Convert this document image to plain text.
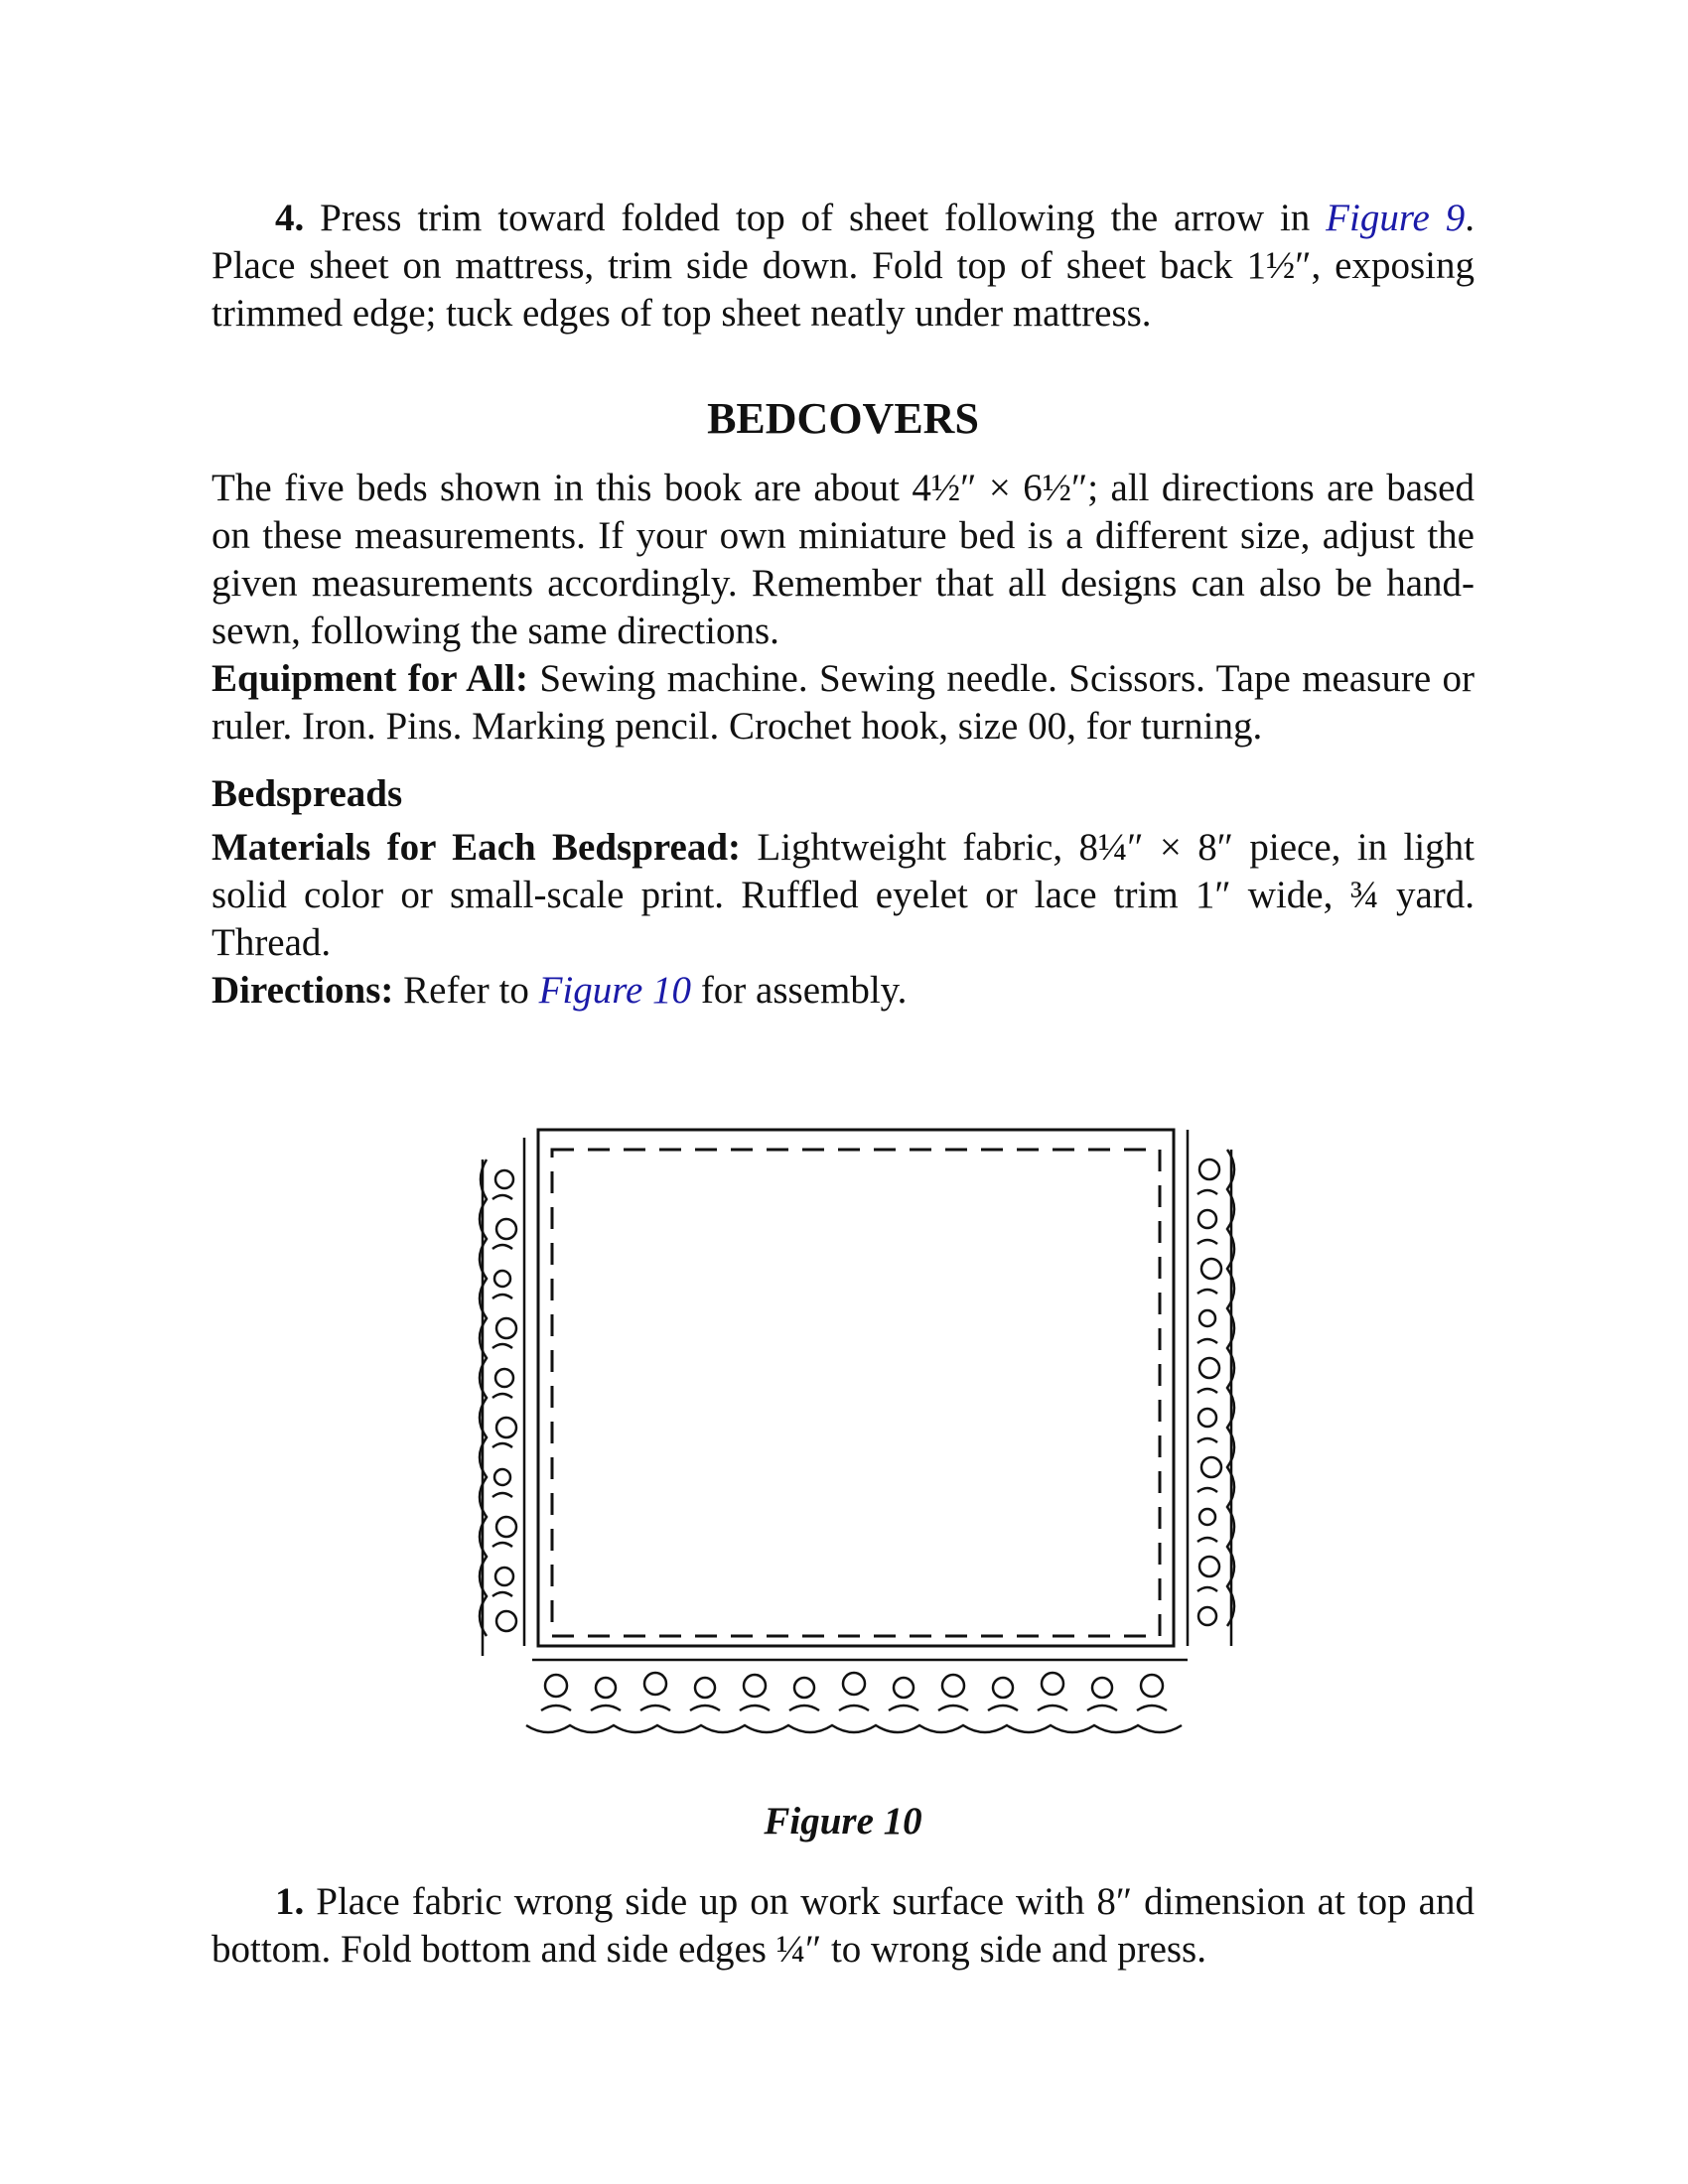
4. Press trim toward folded top of sheet following the arrow in Figure 9. Place sheet on mattress, trim side down. Fold top of sheet back 1½″, exposing trimmed edge; tuck edges of top sheet neatly under mattress.

BEDCOVERS

The five beds shown in this book are about 4½″ × 6½″; all directions are based on these measurements. If your own miniature bed is a different size, adjust the given measurements accordingly. Remember that all designs can also be hand-sewn, following the same directions.

Equipment for All: Sewing machine. Sewing needle. Scissors. Tape measure or ruler. Iron. Pins. Marking pencil. Crochet hook, size 00, for turning.

Bedspreads

Materials for Each Bedspread: Lightweight fabric, 8¼″ × 8″ piece, in light solid color or small-scale print. Ruffled eyelet or lace trim 1″ wide, ¾ yard. Thread.

Directions: Refer to Figure 10 for assembly.

Figure 10

1. Place fabric wrong side up on work surface with 8″ dimension at top and bottom. Fold bottom and side edges ¼″ to wrong side and press.
